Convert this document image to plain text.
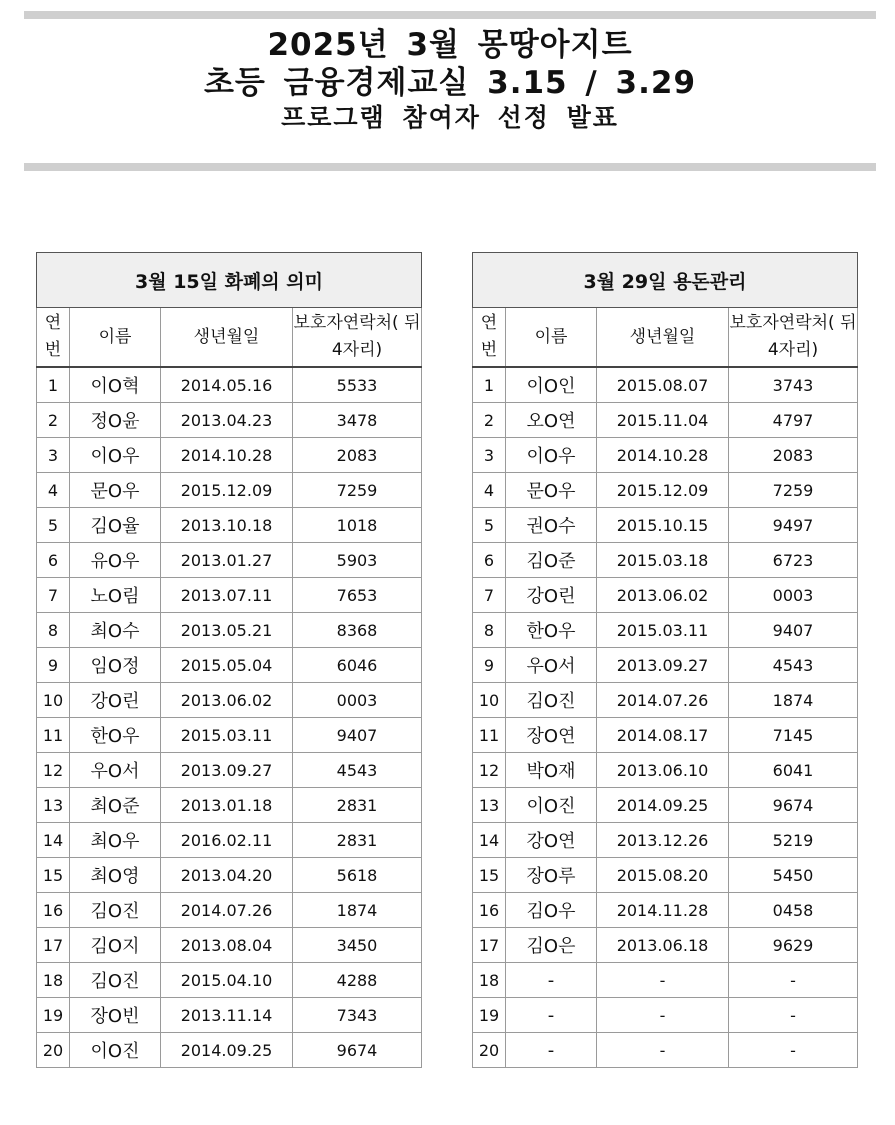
2025년 3월 몽땅아지트
초등 금융경제교실 3.15 / 3.29
프로그램 참여자 선정 발표
3월 15일 화폐의 의미			
연번	이름	생년월일	보호자연락처( 뒤 4자리)
1	이O혁	2014.05.16	5533
2	정O윤	2013.04.23	3478
3	이O우	2014.10.28	2083
4	문O우	2015.12.09	7259
5	김O율	2013.10.18	1018
6	유O우	2013.01.27	5903
7	노O림	2013.07.11	7653
8	최O수	2013.05.21	8368
9	임O정	2015.05.04	6046
10	강O린	2013.06.02	0003
11	한O우	2015.03.11	9407
12	우O서	2013.09.27	4543
13	최O준	2013.01.18	2831
14	최O우	2016.02.11	2831
15	최O영	2013.04.20	5618
16	김O진	2014.07.26	1874
17	김O지	2013.08.04	3450
18	김O진	2015.04.10	4288
19	장O빈	2013.11.14	7343
20	이O진	2014.09.25	9674
3월 29일 용돈관리			
연번	이름	생년월일	보호자연락처( 뒤 4자리)
1	이O인	2015.08.07	3743
2	오O연	2015.11.04	4797
3	이O우	2014.10.28	2083
4	문O우	2015.12.09	7259
5	권O수	2015.10.15	9497
6	김O준	2015.03.18	6723
7	강O린	2013.06.02	0003
8	한O우	2015.03.11	9407
9	우O서	2013.09.27	4543
10	김O진	2014.07.26	1874
11	장O연	2014.08.17	7145
12	박O재	2013.06.10	6041
13	이O진	2014.09.25	9674
14	강O연	2013.12.26	5219
15	장O루	2015.08.20	5450
16	김O우	2014.11.28	0458
17	김O은	2013.06.18	9629
18	-	-	-
19	-	-	-
20	-	-	-
